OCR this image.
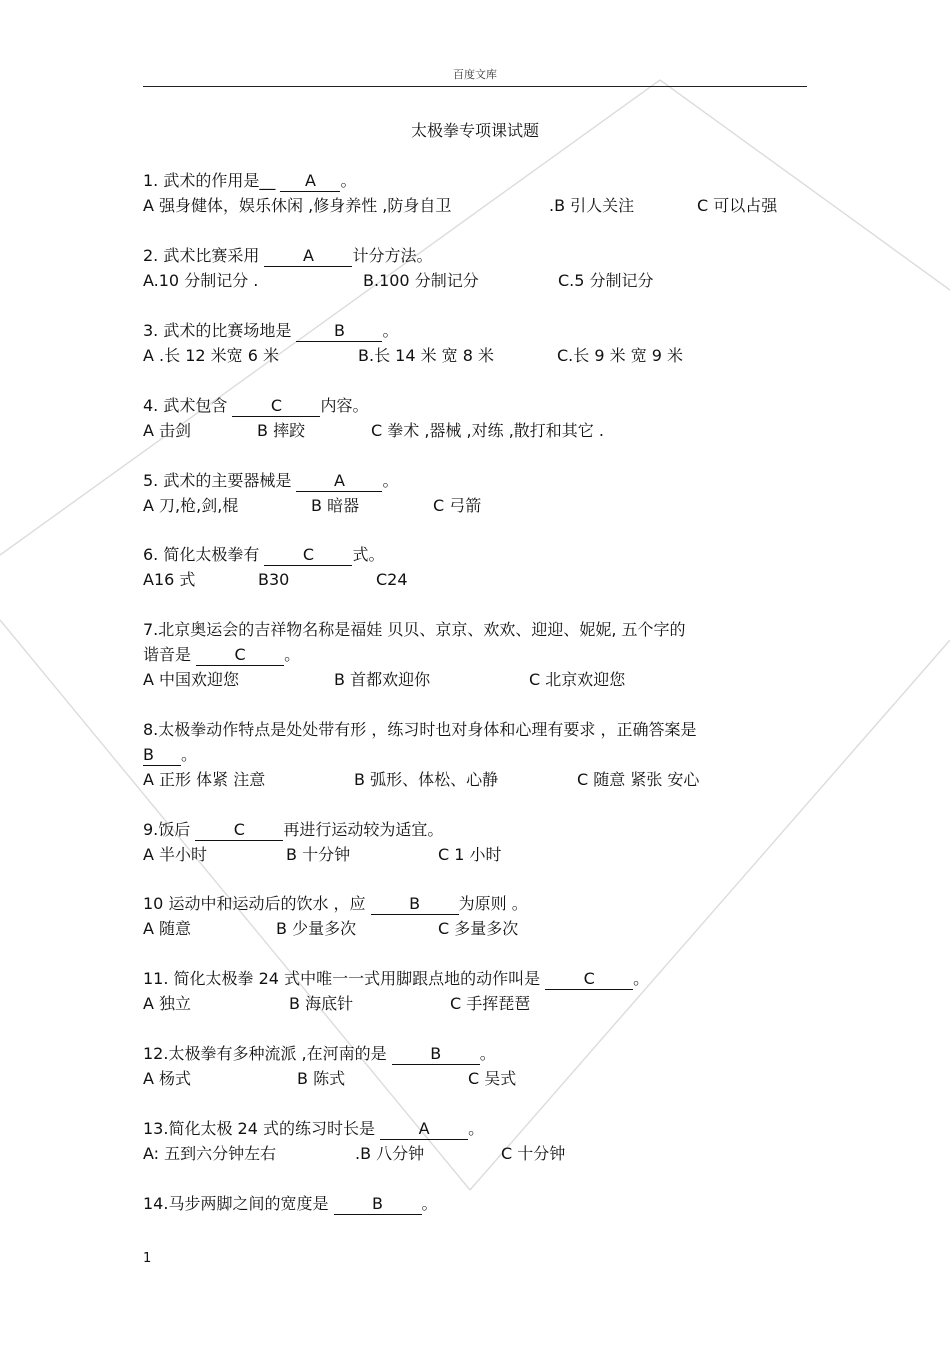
百度文库
太极拳专项课试题
1. 武术的作用是__ A 。
A 强身健体，娱乐休闲 ,修身养性 ,防身自卫	.B 引人关注	C 可以占强
2. 武术比赛采用 A 计分方法。
A.10 分制记分 .	B.100 分制记分	C.5 分制记分
3. 武术的比赛场地是 B 。
A .长 12 米宽 6 米	B.长 14 米 宽 8 米	C.长 9 米 宽 9 米
4. 武术包含 C 内容。
A 击剑	B 摔跤	C 拳术 ,器械 ,对练 ,散打和其它 .
5. 武术的主要器械是 A 。
A 刀,枪,剑,棍	B 暗器	C 弓箭
6. 简化太极拳有 C 式。
A16 式	B30	C24
7.北京奥运会的吉祥物名称是福娃 贝贝、京京、欢欢、迎迎、妮妮, 五个字的
谐音是 C 。
A 中国欢迎您	B 首都欢迎你	C 北京欢迎您
8.太极拳动作特点是处处带有形 ，练习时也对身体和心理有要求 ，正确答案是
B 。
A 正形 体紧 注意	B 弧形、体松、心静	C 随意 紧张 安心
9.饭后 C 再进行运动较为适宜。
A 半小时	B 十分钟	C 1 小时
10 运动中和运动后的饮水 ，应 B 为原则 。
A 随意	B 少量多次	C 多量多次
11. 简化太极拳 24 式中唯一一式用脚跟点地的动作叫是 C 。
A 独立	B 海底针	C 手挥琵琶
12.太极拳有多种流派 ,在河南的是 B 。
A 杨式	B 陈式	C 吴式
13.简化太极 24 式的练习时长是 A 。
A: 五到六分钟左右	.B 八分钟	C 十分钟
14.马步两脚之间的宽度是 B 。
1
